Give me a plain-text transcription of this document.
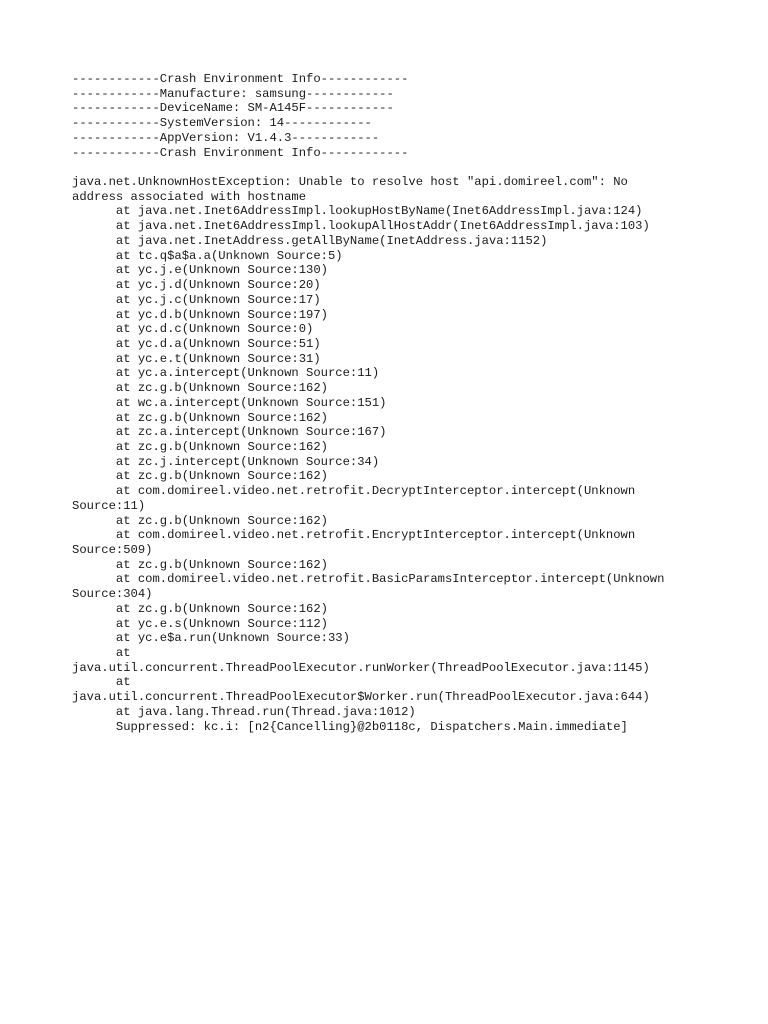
------------Crash Environment Info------------
------------Manufacture: samsung------------
------------DeviceName: SM-A145F------------
------------SystemVersion: 14------------
------------AppVersion: V1.4.3------------
------------Crash Environment Info------------
java.net.UnknownHostException: Unable to resolve host "api.domireel.com": No
address associated with hostname
at java.net.Inet6AddressImpl.lookupHostByName(Inet6AddressImpl.java:124)
at java.net.Inet6AddressImpl.lookupAllHostAddr(Inet6AddressImpl.java:103)
at java.net.InetAddress.getAllByName(InetAddress.java:1152)
at tc.q$a$a.a(Unknown Source:5)
at yc.j.e(Unknown Source:130)
at yc.j.d(Unknown Source:20)
at yc.j.c(Unknown Source:17)
at yc.d.b(Unknown Source:197)
at yc.d.c(Unknown Source:0)
at yc.d.a(Unknown Source:51)
at yc.e.t(Unknown Source:31)
at yc.a.intercept(Unknown Source:11)
at zc.g.b(Unknown Source:162)
at wc.a.intercept(Unknown Source:151)
at zc.g.b(Unknown Source:162)
at zc.a.intercept(Unknown Source:167)
at zc.g.b(Unknown Source:162)
at zc.j.intercept(Unknown Source:34)
at zc.g.b(Unknown Source:162)
at com.domireel.video.net.retrofit.DecryptInterceptor.intercept(Unknown
Source:11)
at zc.g.b(Unknown Source:162)
at com.domireel.video.net.retrofit.EncryptInterceptor.intercept(Unknown
Source:509)
at zc.g.b(Unknown Source:162)
at com.domireel.video.net.retrofit.BasicParamsInterceptor.intercept(Unknown
Source:304)
at zc.g.b(Unknown Source:162)
at yc.e.s(Unknown Source:112)
at yc.e$a.run(Unknown Source:33)
at
java.util.concurrent.ThreadPoolExecutor.runWorker(ThreadPoolExecutor.java:1145)
at
java.util.concurrent.ThreadPoolExecutor$Worker.run(ThreadPoolExecutor.java:644)
at java.lang.Thread.run(Thread.java:1012)
Suppressed: kc.i: [n2{Cancelling}@2b0118c, Dispatchers.Main.immediate]
